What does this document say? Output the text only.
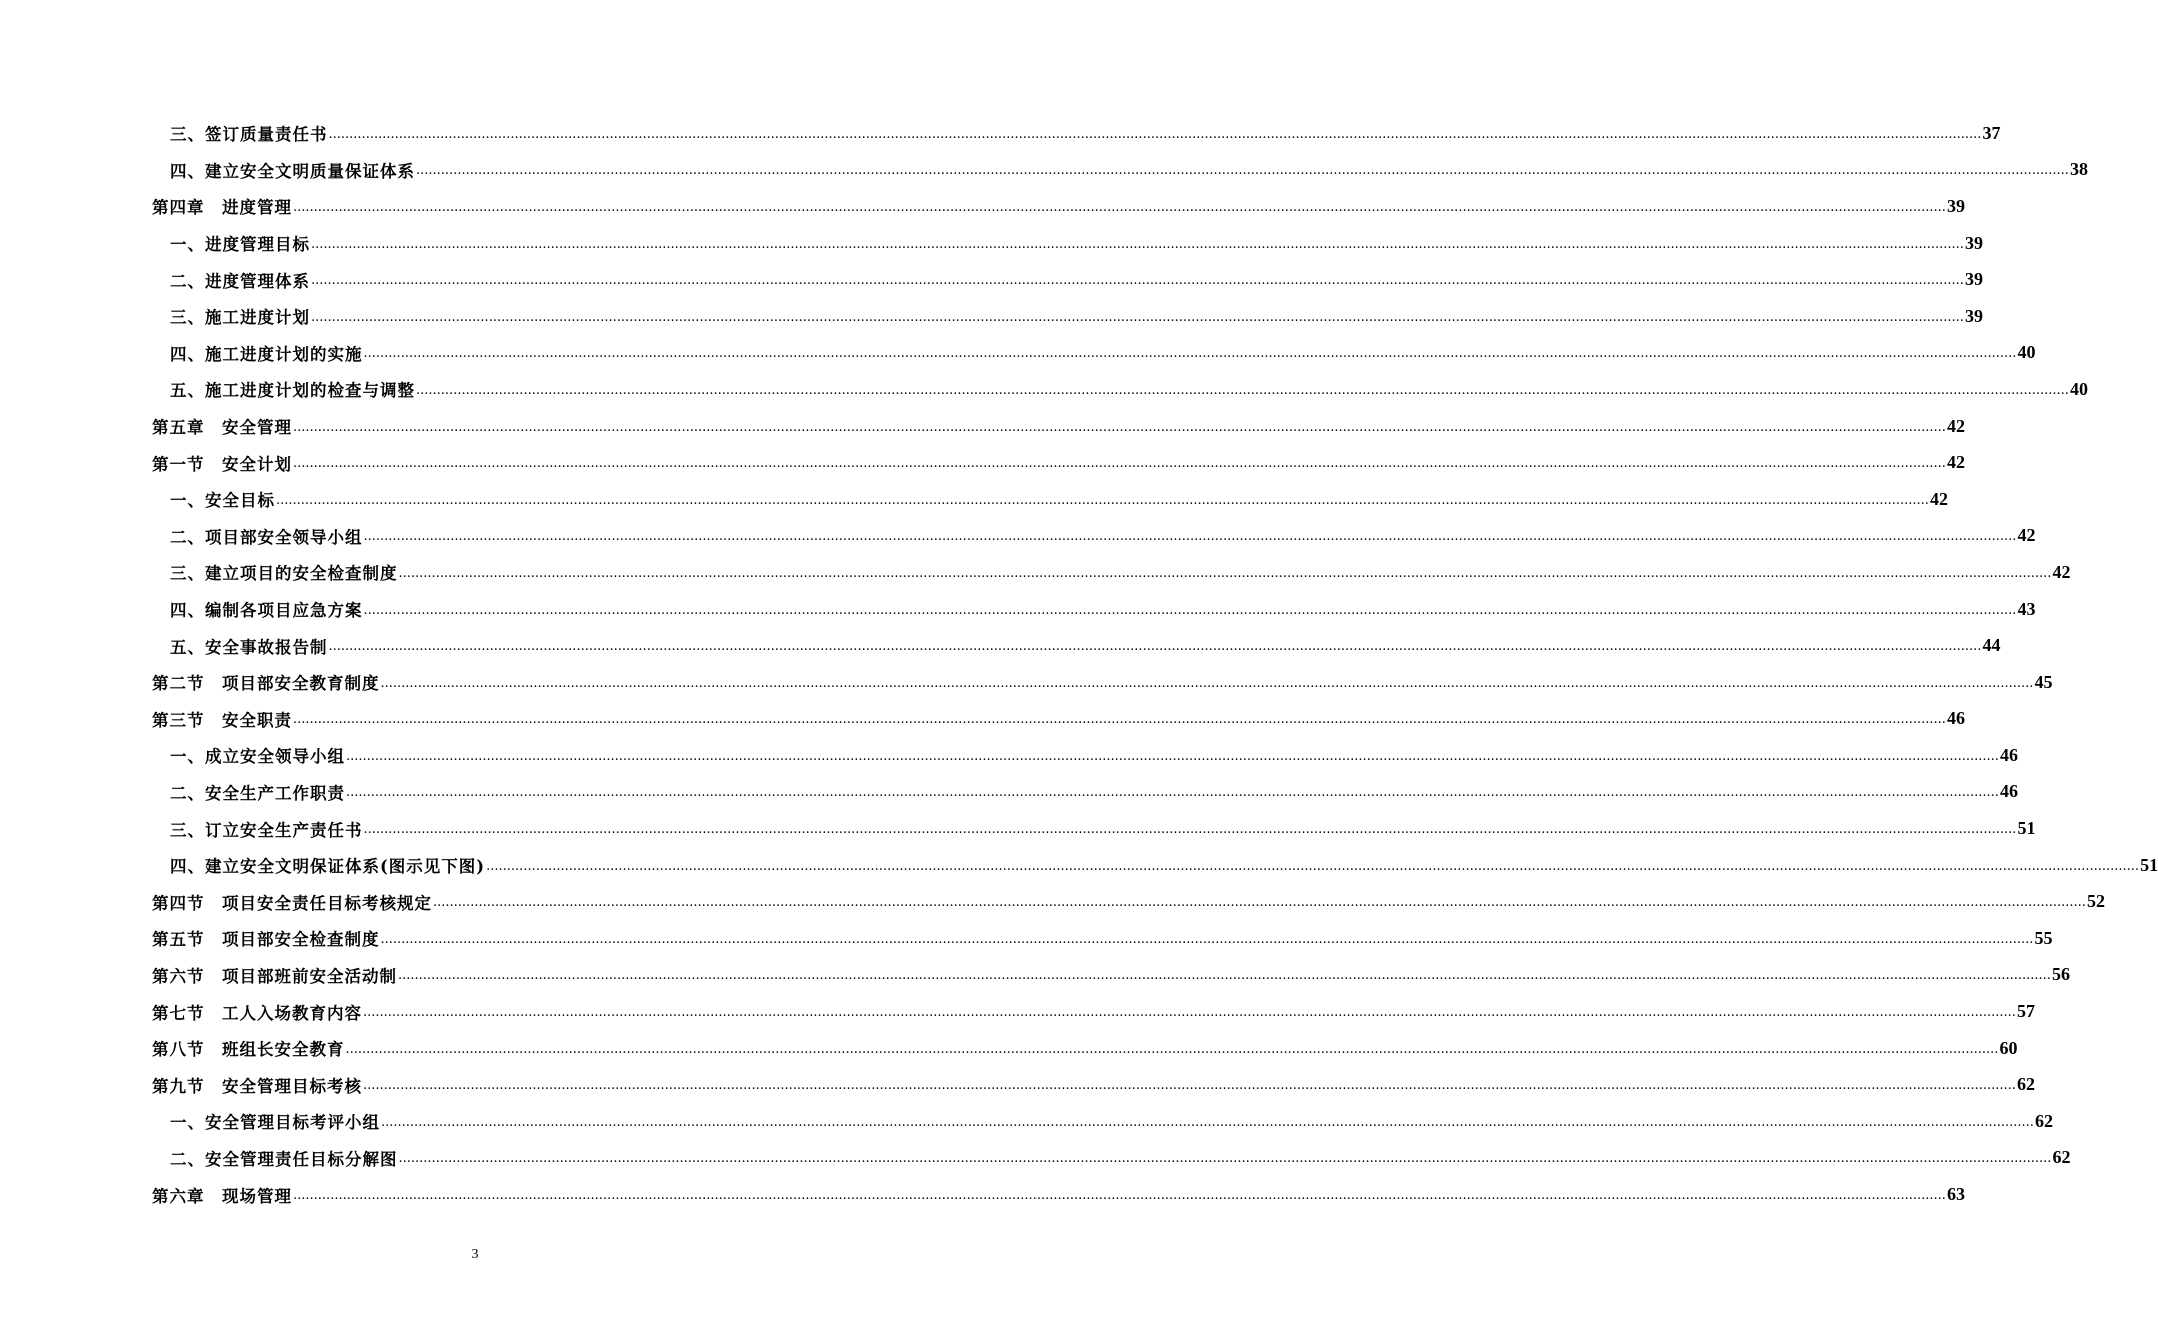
三、签订质量责任书 ................................................................................................................................................................................................................................................................................................................................................................................................................ 37
四、建立安全文明质量保证体系 ................................................................................................................................................................................................................................................................................................................................................................................................................ 38
第四章　进度管理 ................................................................................................................................................................................................................................................................................................................................................................................................................ 39
一、进度管理目标 ................................................................................................................................................................................................................................................................................................................................................................................................................ 39
二、进度管理体系 ................................................................................................................................................................................................................................................................................................................................................................................................................ 39
三、施工进度计划 ................................................................................................................................................................................................................................................................................................................................................................................................................ 39
四、施工进度计划的实施 ................................................................................................................................................................................................................................................................................................................................................................................................................ 40
五、施工进度计划的检查与调整 ................................................................................................................................................................................................................................................................................................................................................................................................................ 40
第五章　安全管理 ................................................................................................................................................................................................................................................................................................................................................................................................................ 42
第一节　安全计划 ................................................................................................................................................................................................................................................................................................................................................................................................................ 42
一、安全目标 ................................................................................................................................................................................................................................................................................................................................................................................................................ 42
二、项目部安全领导小组 ................................................................................................................................................................................................................................................................................................................................................................................................................ 42
三、建立项目的安全检查制度 ................................................................................................................................................................................................................................................................................................................................................................................................................ 42
四、编制各项目应急方案 ................................................................................................................................................................................................................................................................................................................................................................................................................ 43
五、安全事故报告制 ................................................................................................................................................................................................................................................................................................................................................................................................................ 44
第二节　项目部安全教育制度 ................................................................................................................................................................................................................................................................................................................................................................................................................ 45
第三节　安全职责 ................................................................................................................................................................................................................................................................................................................................................................................................................ 46
一、成立安全领导小组 ................................................................................................................................................................................................................................................................................................................................................................................................................ 46
二、安全生产工作职责 ................................................................................................................................................................................................................................................................................................................................................................................................................ 46
三、订立安全生产责任书 ................................................................................................................................................................................................................................................................................................................................................................................................................ 51
四、建立安全文明保证体系(图示见下图) ................................................................................................................................................................................................................................................................................................................................................................................................................ 51
第四节　项目安全责任目标考核规定 ................................................................................................................................................................................................................................................................................................................................................................................................................ 52
第五节　项目部安全检查制度 ................................................................................................................................................................................................................................................................................................................................................................................................................ 55
第六节　项目部班前安全活动制 ................................................................................................................................................................................................................................................................................................................................................................................................................ 56
第七节　工人入场教育内容 ................................................................................................................................................................................................................................................................................................................................................................................................................ 57
第八节　班组长安全教育 ................................................................................................................................................................................................................................................................................................................................................................................................................ 60
第九节　安全管理目标考核 ................................................................................................................................................................................................................................................................................................................................................................................................................ 62
一、安全管理目标考评小组 ................................................................................................................................................................................................................................................................................................................................................................................................................ 62
二、安全管理责任目标分解图 ................................................................................................................................................................................................................................................................................................................................................................................................................ 62
第六章　现场管理 ................................................................................................................................................................................................................................................................................................................................................................................................................ 63
3
